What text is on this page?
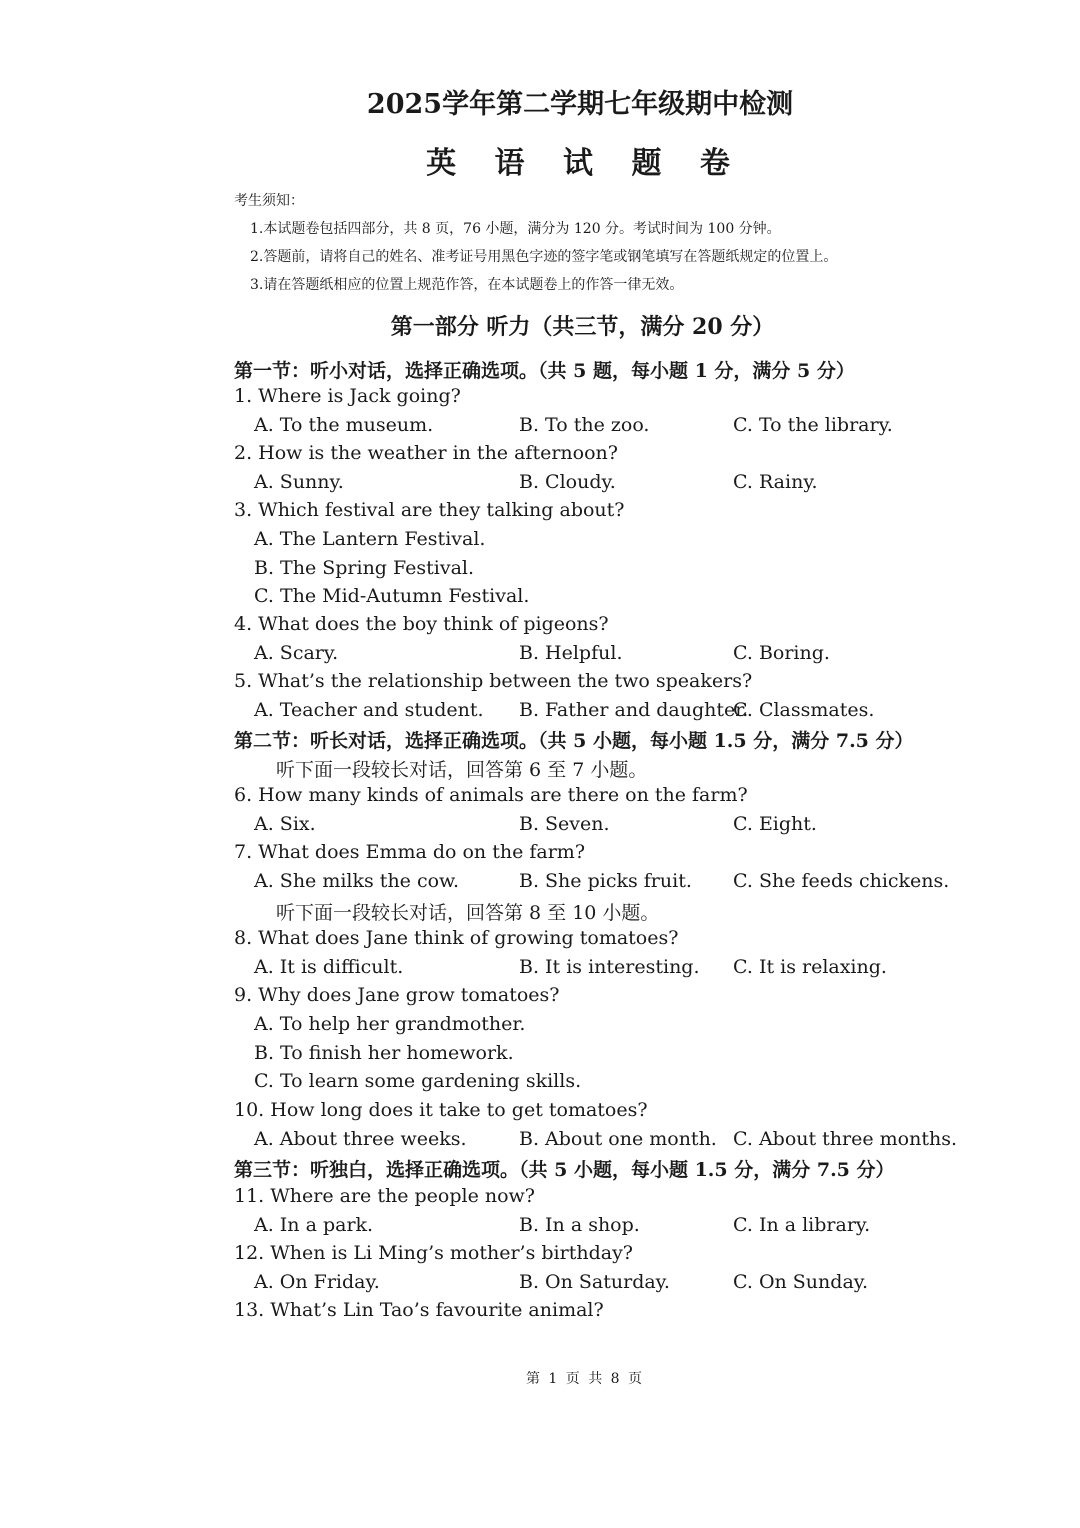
2025学年第二学期七年级期中检测
英 语 试 题 卷
考生须知：
1.本试题卷包括四部分，共 8 页，76 小题，满分为 120 分。考试时间为 100 分钟。
2.答题前，请将自己的姓名、准考证号用黑色字迹的签字笔或钢笔填写在答题纸规定的位置上。
3.请在答题纸相应的位置上规范作答，在本试题卷上的作答一律无效。
第一部分 听力（共三节，满分 20 分）
第一节：听小对话，选择正确选项。（共 5 题，每小题 1 分，满分 5 分）
1. Where is Jack going?
A. To the museum.	B. To the zoo.	C. To the library.
2. How is the weather in the afternoon?
A. Sunny.	B. Cloudy.	C. Rainy.
3. Which festival are they talking about?
A. The Lantern Festival.
B. The Spring Festival.
C. The Mid-Autumn Festival.
4. What does the boy think of pigeons?
A. Scary.	B. Helpful.	C. Boring.
5. What’s the relationship between the two speakers?
A. Teacher and student. B. Father and daughter.
C. Classmates.
第二节：听长对话，选择正确选项。（共 5 小题，每小题 1.5 分，满分 7.5 分）
听下面一段较长对话，回答第 6 至 7 小题。
6. How many kinds of animals are there on the farm?
A. Six.	B. Seven.	C. Eight.
7. What does Emma do on the farm?
A. She milks the cow.	B. She picks fruit. C. She feeds chickens.
听下面一段较长对话，回答第 8 至 10 小题。
8. What does Jane think of growing tomatoes?
A. It is difficult.	B. It is interesting. C. It is relaxing.
9. Why does Jane grow tomatoes?
A. To help her grandmother.
B. To finish her homework.
C. To learn some gardening skills.
10. How long does it take to get tomatoes?
A. About three weeks.	B. About one month. C. About three months.
第三节：听独白，选择正确选项。（共 5 小题，每小题 1.5 分，满分 7.5 分）
11. Where are the people now?
A. In a park.	B. In a shop.	C. In a library.
12. When is Li Ming’s mother’s birthday?
A. On Friday.	B. On Saturday.	C. On Sunday.
13. What’s Lin Tao’s favourite animal?
第 1 页 共 8 页
